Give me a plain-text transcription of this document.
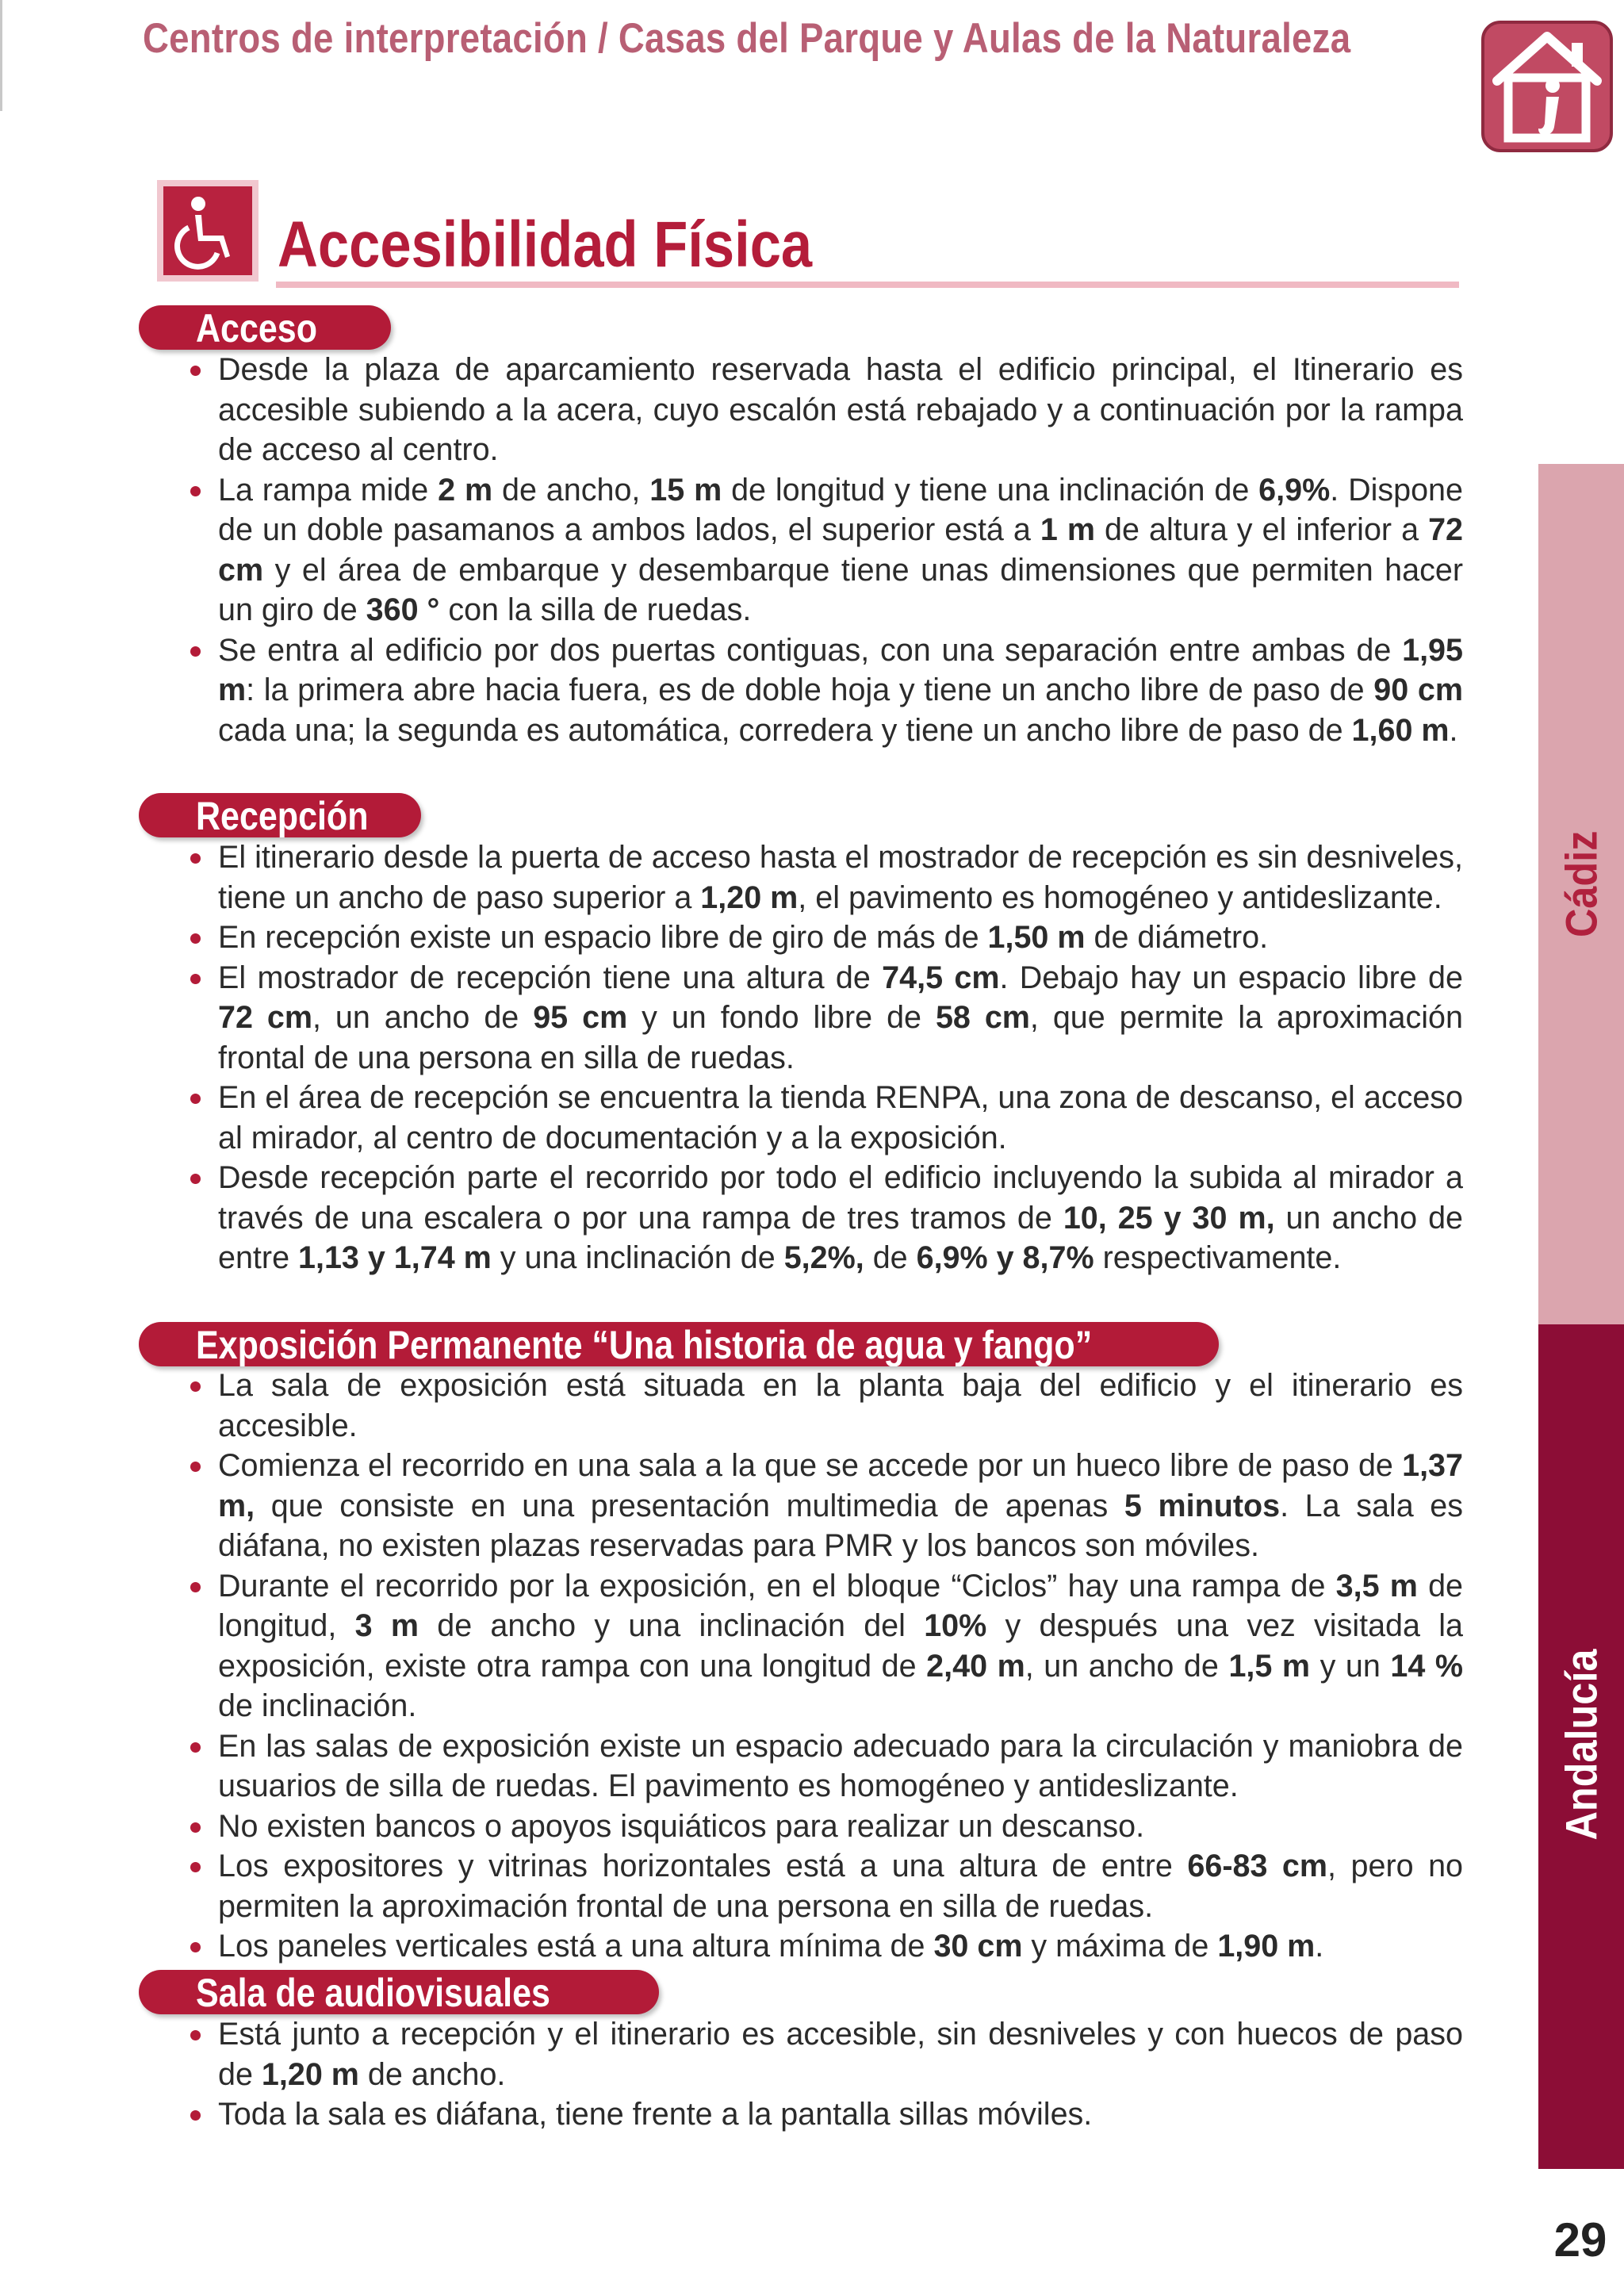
Centros de interpretación / Casas del Parque y Aulas de la Naturaleza
Accesibilidad Física
Acceso
Desde la plaza de aparcamiento reservada hasta el edificio principal, el Itinerario es accesible subiendo a la acera, cuyo escalón está rebajado y a continuación por la rampa de acceso al centro.
La rampa mide 2 m de ancho, 15 m de longitud y tiene una inclinación de 6,9%. Dispone de un doble pasamanos a ambos lados, el superior está a 1 m de altura y el inferior a 72 cm y el área de embarque y desembarque tiene unas dimensiones que permiten hacer un giro de 360 ° con la silla de ruedas.
Se entra al edificio por dos puertas contiguas, con una separación entre ambas de 1,95 m: la primera abre hacia fuera, es de doble hoja y tiene un ancho libre de paso de 90 cm cada una; la segunda es automática, corredera y tiene un ancho libre de paso de 1,60 m.
Recepción
El itinerario desde la puerta de acceso hasta el mostrador de recepción es sin desniveles, tiene un ancho de paso superior a 1,20 m, el pavimento es homogéneo y antideslizante.
En recepción existe un espacio libre de giro de más de 1,50 m de diámetro.
El mostrador de recepción tiene una altura de 74,5 cm. Debajo hay un espacio libre de 72 cm, un ancho de 95 cm y un fondo libre de 58 cm, que permite la aproximación frontal de una persona en silla de ruedas.
En el área de recepción se encuentra la tienda RENPA, una zona de descanso, el acceso al mirador, al centro de documentación y a la exposición.
Desde recepción parte el recorrido por todo el edificio incluyendo la subida al mirador a través de una escalera o por una rampa de tres tramos de 10, 25 y 30 m, un ancho de entre 1,13 y 1,74 m y una inclinación de 5,2%, de 6,9% y 8,7% respectivamente.
Exposición Permanente “Una historia de agua y fango”
La sala de exposición está situada en la planta baja del edificio y el itinerario es accesible.
Comienza el recorrido en una sala a la que se accede por un hueco libre de paso de 1,37 m, que consiste en una presentación multimedia de apenas 5 minutos. La sala es diáfana, no existen plazas reservadas para PMR y los bancos son móviles.
Durante el recorrido por la exposición, en el bloque “Ciclos” hay una rampa de 3,5 m de longitud, 3 m de ancho y una inclinación del 10% y después una vez visitada la exposición, existe otra rampa con una longitud de 2,40 m, un ancho de 1,5 m y un 14 % de inclinación.
En las salas de exposición existe un espacio adecuado para la circulación y maniobra de usuarios de silla de ruedas. El pavimento es homogéneo y antideslizante.
No existen bancos o apoyos isquiáticos para realizar un descanso.
Los expositores y vitrinas horizontales está a una altura de entre 66-83 cm, pero no permiten la aproximación frontal de una persona en silla de ruedas.
Los paneles verticales está a una altura mínima de 30 cm y máxima de 1,90 m.
Sala de audiovisuales
Está junto a recepción y el itinerario es accesible, sin desniveles y con huecos de paso de 1,20 m de ancho.
Toda la sala es diáfana, tiene frente a la pantalla sillas móviles.
Cádiz
Andalucía
29
